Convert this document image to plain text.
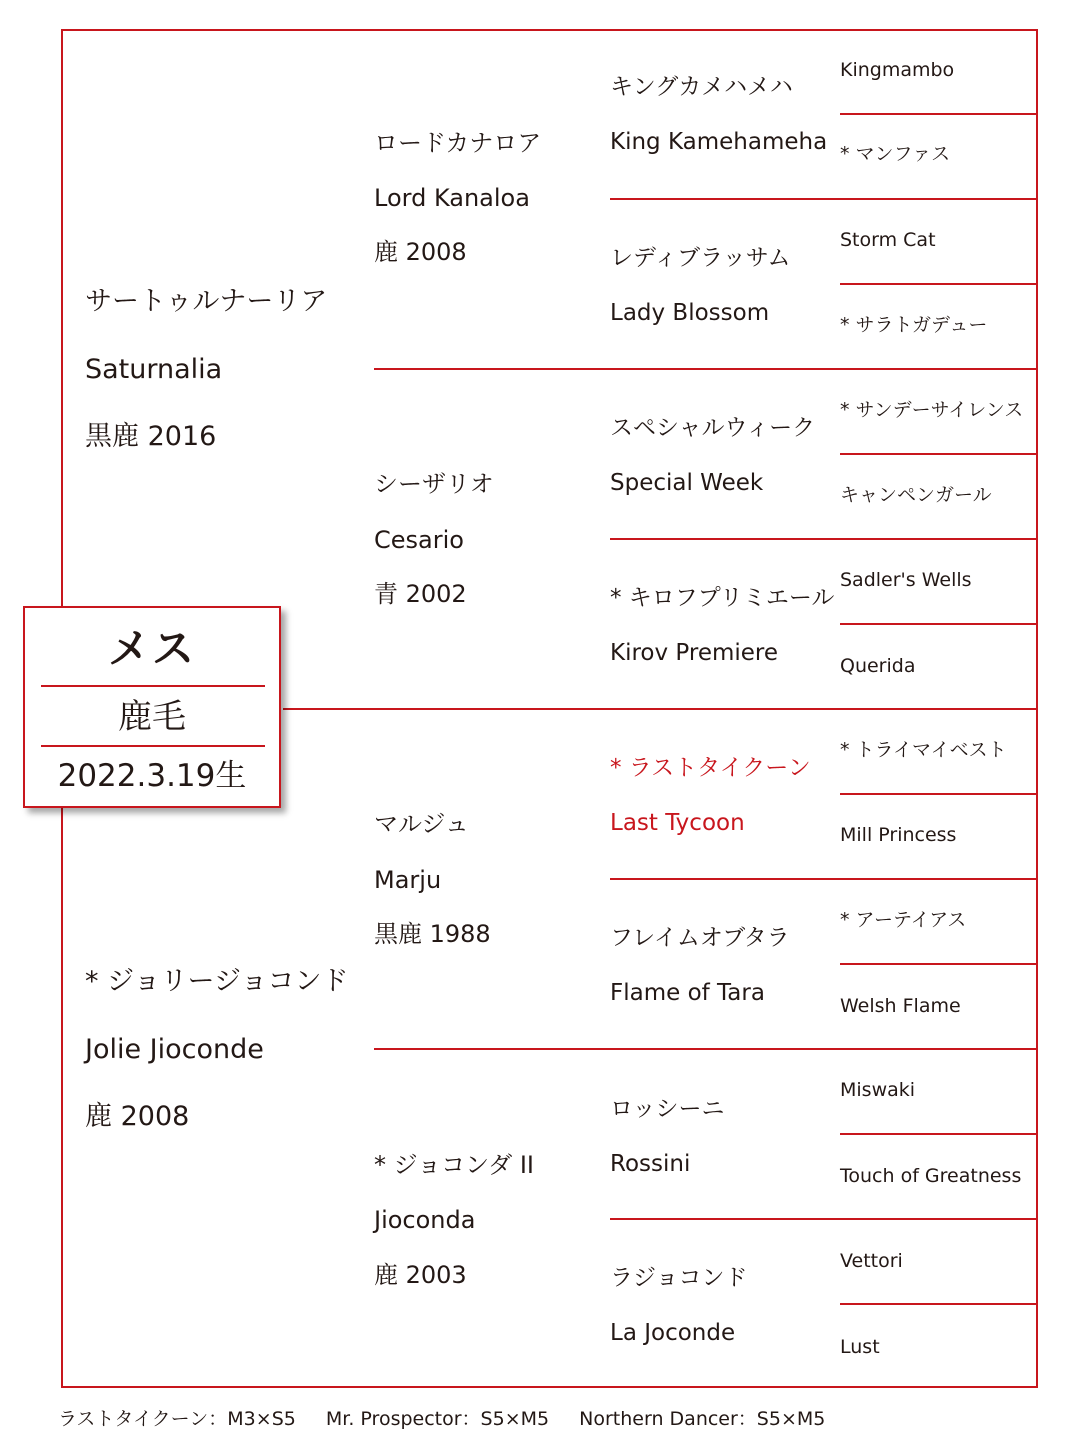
サートゥルナーリア
Saturnalia
黒鹿 2016
* ジョリージョコンド
Jolie Jioconde
鹿 2008
ロードカナロア
Lord Kanaloa
鹿 2008
シーザリオ
Cesario
青 2002
マルジュ
Marju
黒鹿 1988
* ジョコンダ II
Jioconda
鹿 2003
キングカメハメハ
King Kamehameha
レディブラッサム
Lady Blossom
スペシャルウィーク
Special Week
* キロフプリミエール
Kirov Premiere
* ラストタイクーン
Last Tycoon
フレイムオブタラ
Flame of Tara
ロッシーニ
Rossini
ラジョコンド
La Joconde
Kingmambo
* マンファス
Storm Cat
* サラトガデュー
* サンデーサイレンス
キャンペンガール
Sadler's Wells
Querida
* トライマイベスト
Mill Princess
* アーテイアス
Welsh Flame
Miswaki
Touch of Greatness
Vettori
Lust
メス
鹿毛
2022.3.19生
ラストタイクーン：M3×S5 Mr. Prospector：S5×M5 Northern Dancer：S5×M5
